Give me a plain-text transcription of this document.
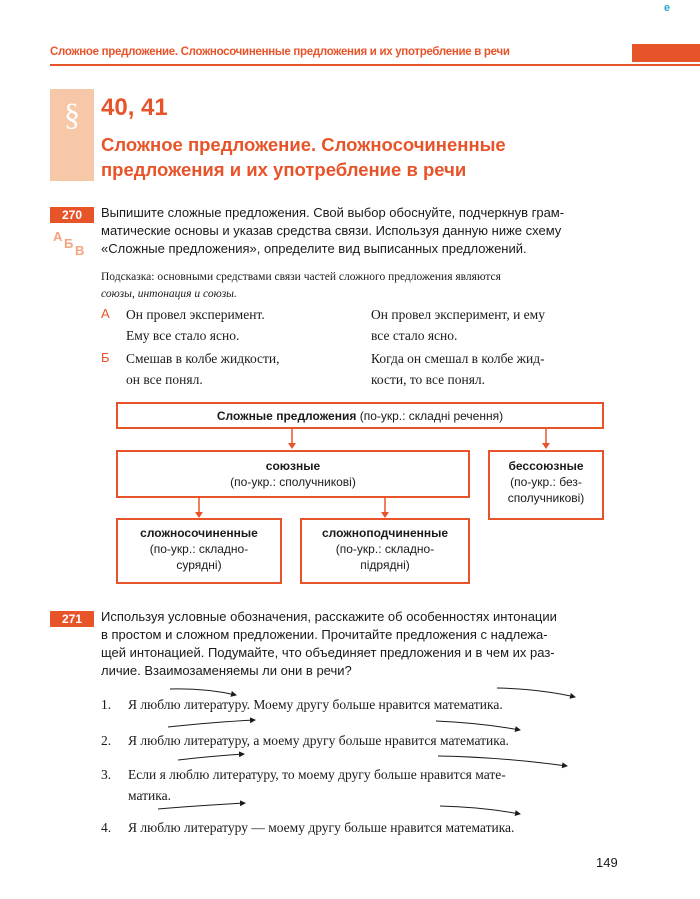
e
Сложное предложение. Сложносочиненные предложения и их употребление в речи
§ 40, 41
Сложное предложение. Сложносочиненные
предложения и их употребление в речи
270
А Б В
Выпишите сложные предложения. Свой выбор обоснуйте, подчеркнув грам-
матические основы и указав средства связи. Используя данную ниже схему
«Сложные предложения», определите вид выписанных предложений.
Подсказка: основными средствами связи частей сложного предложения являются
союзы, интонация и союзы.
А Он провел эксперимент.
Ему все стало ясно.
Он провел эксперимент, и ему
все стало ясно.
Б Смешав в колбе жидкости,
он все понял.
Когда он смешал в колбе жид-
кости, то все понял.
Сложные предложения (по-укр.: складні речення)
союзные
(по-укр.: сполучникові)
бессоюзные
(по-укр.: без-
сполучникові)
сложносочиненные
(по-укр.: складно-
сурядні)
сложноподчиненные
(по-укр.: складно-
підрядні)
271	Используя условные обозначения, расскажите об особенностях интонации
в простом и сложном предложении. Прочитайте предложения с надлежа-
щей интонацией. Подумайте, что объединяет предложения и в чем их раз-
личие. Взаимозаменяемы ли они в речи?
1. Я люблю литературу. Моему другу больше нравится математика.
2. Я люблю литературу, а моему другу больше нравится математика.
3. Если я люблю литературу, то моему другу больше нравится мате-
матика.
4. Я люблю литературу — моему другу больше нравится математика.
149
